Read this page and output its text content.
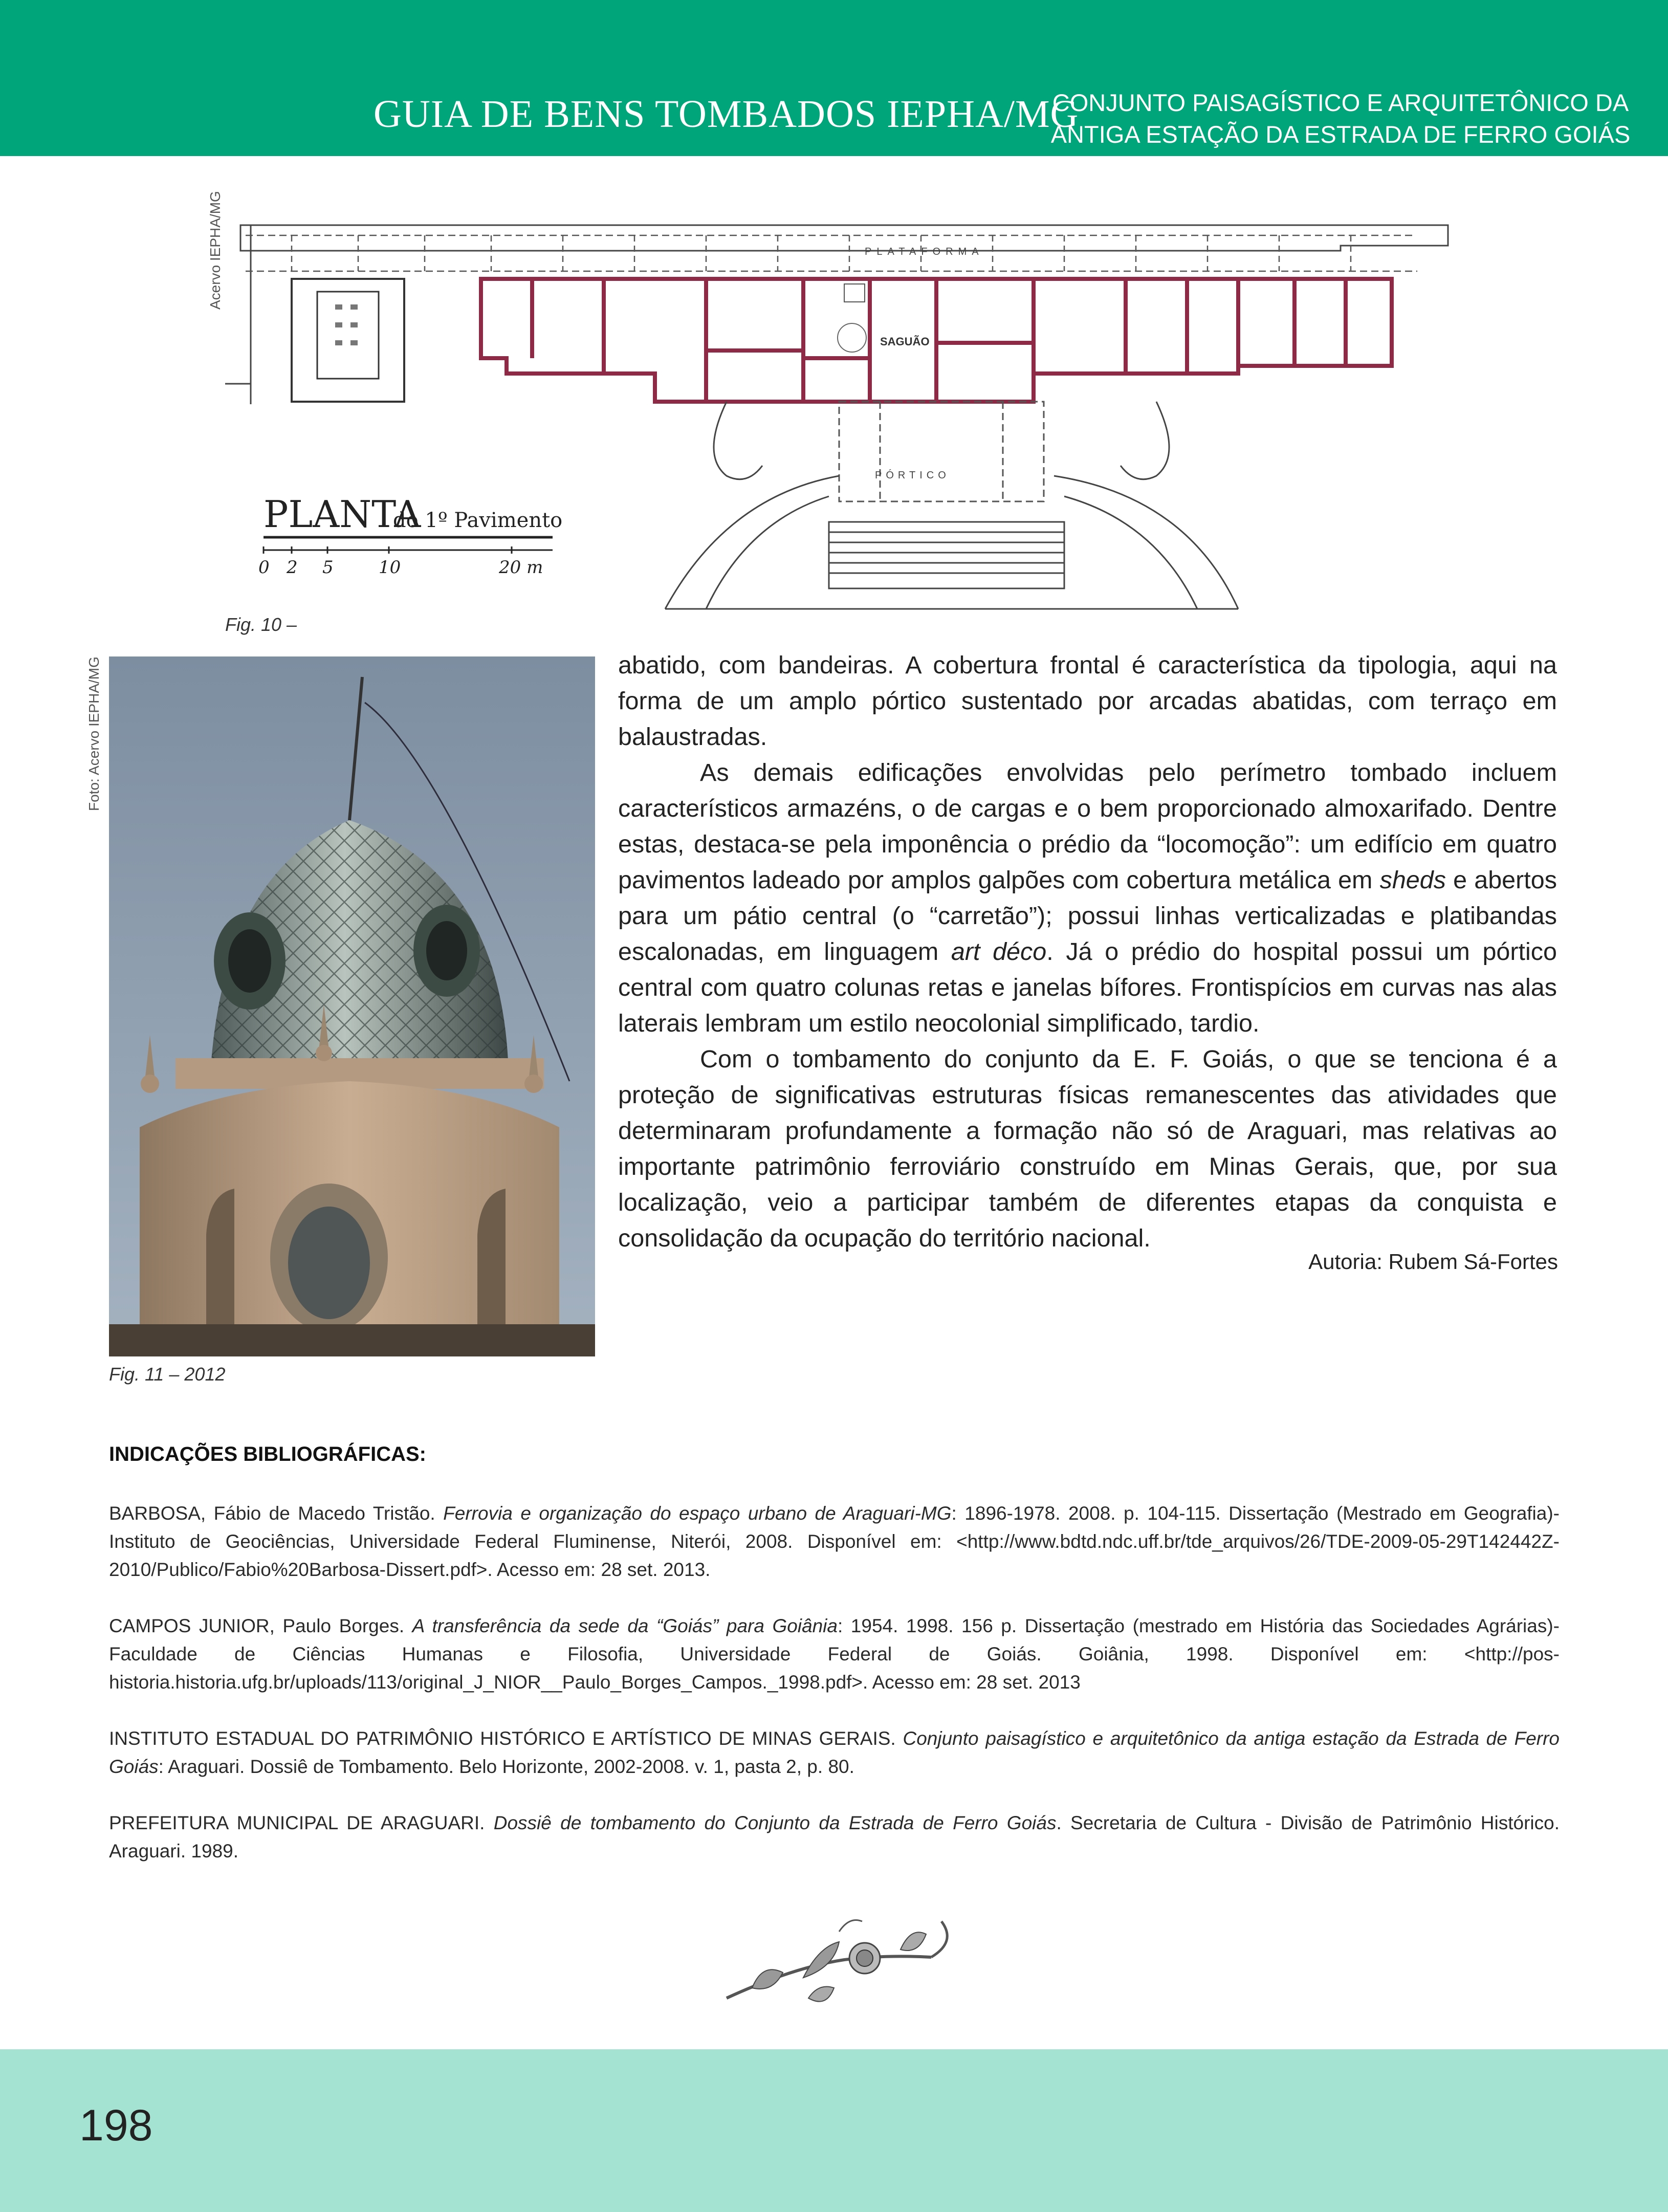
GUIA DE BENS TOMBADOS IEPHA/MG
CONJUNTO PAISAGÍSTICO E ARQUITETÔNICO DA
ANTIGA ESTAÇÃO DA ESTRADA DE FERRO GOIÁS
Acervo IEPHA/MG	PLATAFORMA
SAGUÃO
PÓRTICO
PLANTA
do 1º Pavimento
0 2 5	10	20 m
Fig. 10 –
Foto: Acervo IEPHA/MG
Fig. 11 – 2012

abatido, com bandeiras. A cobertura frontal é característica da tipologia, aqui na forma de um amplo pórtico sustentado por arcadas abatidas, com terraço em balaustradas.

As demais edificações envolvidas pelo perímetro tombado incluem característicos armazéns, o de cargas e o bem proporcionado almoxarifado. Dentre estas, destaca-se pela imponência o prédio da “locomoção”: um edifício em quatro pavimentos ladeado por amplos galpões com cobertura metálica em sheds e abertos para um pátio central (o “carretão”); possui linhas verticalizadas e platibandas escalonadas, em linguagem art déco. Já o prédio do hospital possui um pórtico central com quatro colunas retas e janelas bífores. Frontispícios em curvas nas alas laterais lembram um estilo neocolonial simplificado, tardio.

Com o tombamento do conjunto da E. F. Goiás, o que se tenciona é a proteção de significativas estruturas físicas remanescentes das atividades que determinaram profundamente a formação não só de Araguari, mas relativas ao importante patrimônio ferroviário construído em Minas Gerais, que, por sua localização, veio a participar também de diferentes etapas da conquista e consolidação da ocupação do território nacional.

Autoria: Rubem Sá-Fortes
INDICAÇÕES BIBLIOGRÁFICAS:
BARBOSA, Fábio de Macedo Tristão. Ferrovia e organização do espaço urbano de Araguari-MG: 1896-1978. 2008. p. 104-115. Dissertação (Mestrado em Geografia)-Instituto de Geociências, Universidade Federal Fluminense, Niterói, 2008. Disponível em: <http://www.bdtd.ndc.uff.br/tde_arquivos/26/TDE-2009-05-29T142442Z-2010/Publico/Fabio%20Barbosa-Dissert.pdf>. Acesso em: 28 set. 2013.
CAMPOS JUNIOR, Paulo Borges. A transferência da sede da “Goiás” para Goiânia: 1954. 1998. 156 p. Dissertação (mestrado em História das Sociedades Agrárias)-Faculdade de Ciências Humanas e Filosofia, Universidade Federal de Goiás. Goiânia, 1998. Disponível em: <http://pos-historia.historia.ufg.br/uploads/113/original_J_NIOR__Paulo_Borges_Campos._1998.pdf>. Acesso em: 28 set. 2013
INSTITUTO ESTADUAL DO PATRIMÔNIO HISTÓRICO E ARTÍSTICO DE MINAS GERAIS. Conjunto paisagístico e arquitetônico da antiga estação da Estrada de Ferro Goiás: Araguari. Dossiê de Tombamento. Belo Horizonte, 2002-2008. v. 1, pasta 2, p. 80.
PREFEITURA MUNICIPAL DE ARAGUARI. Dossiê de tombamento do Conjunto da Estrada de Ferro Goiás. Secretaria de Cultura - Divisão de Patrimônio Histórico. Araguari. 1989.
198
